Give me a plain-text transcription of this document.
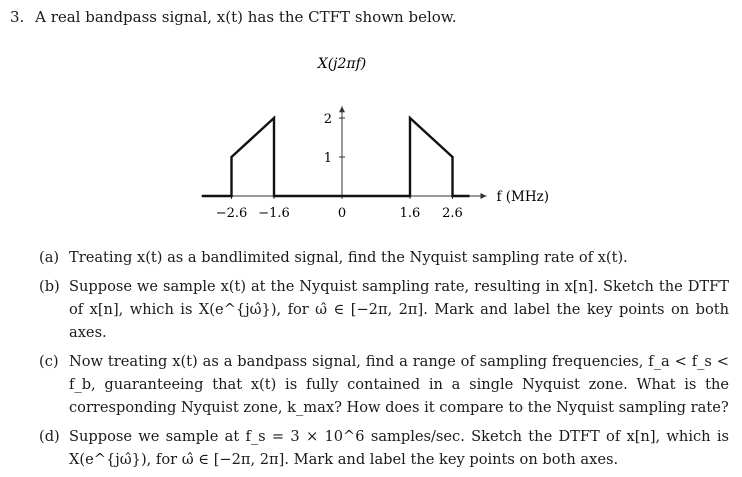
3. A real bandpass signal, x(t) has the CTFT shown below.
−2.6 −1.6	0	1.6 2.6
1
2
X(j2πf)
f (MHz)
(a) Treating x(t) as a bandlimited signal, find the Nyquist sampling rate of x(t).
(b) Suppose we sample x(t) at the Nyquist sampling rate, resulting in x[n]. Sketch the DTFT of x[n], which is X(e^{jω̂}), for ω̂ ∈ [−2π, 2π]. Mark and label the key points on both axes.
(c) Now treating x(t) as a bandpass signal, find a range of sampling frequencies, f_a < f_s < f_b, guaranteeing that x(t) is fully contained in a single Nyquist zone. What is the corresponding Nyquist zone, k_max? How does it compare to the Nyquist sampling rate?
(d) Suppose we sample at f_s = 3 × 10^6 samples/sec. Sketch the DTFT of x[n], which is X(e^{jω̂}), for ω̂ ∈ [−2π, 2π]. Mark and label the key points on both axes.
